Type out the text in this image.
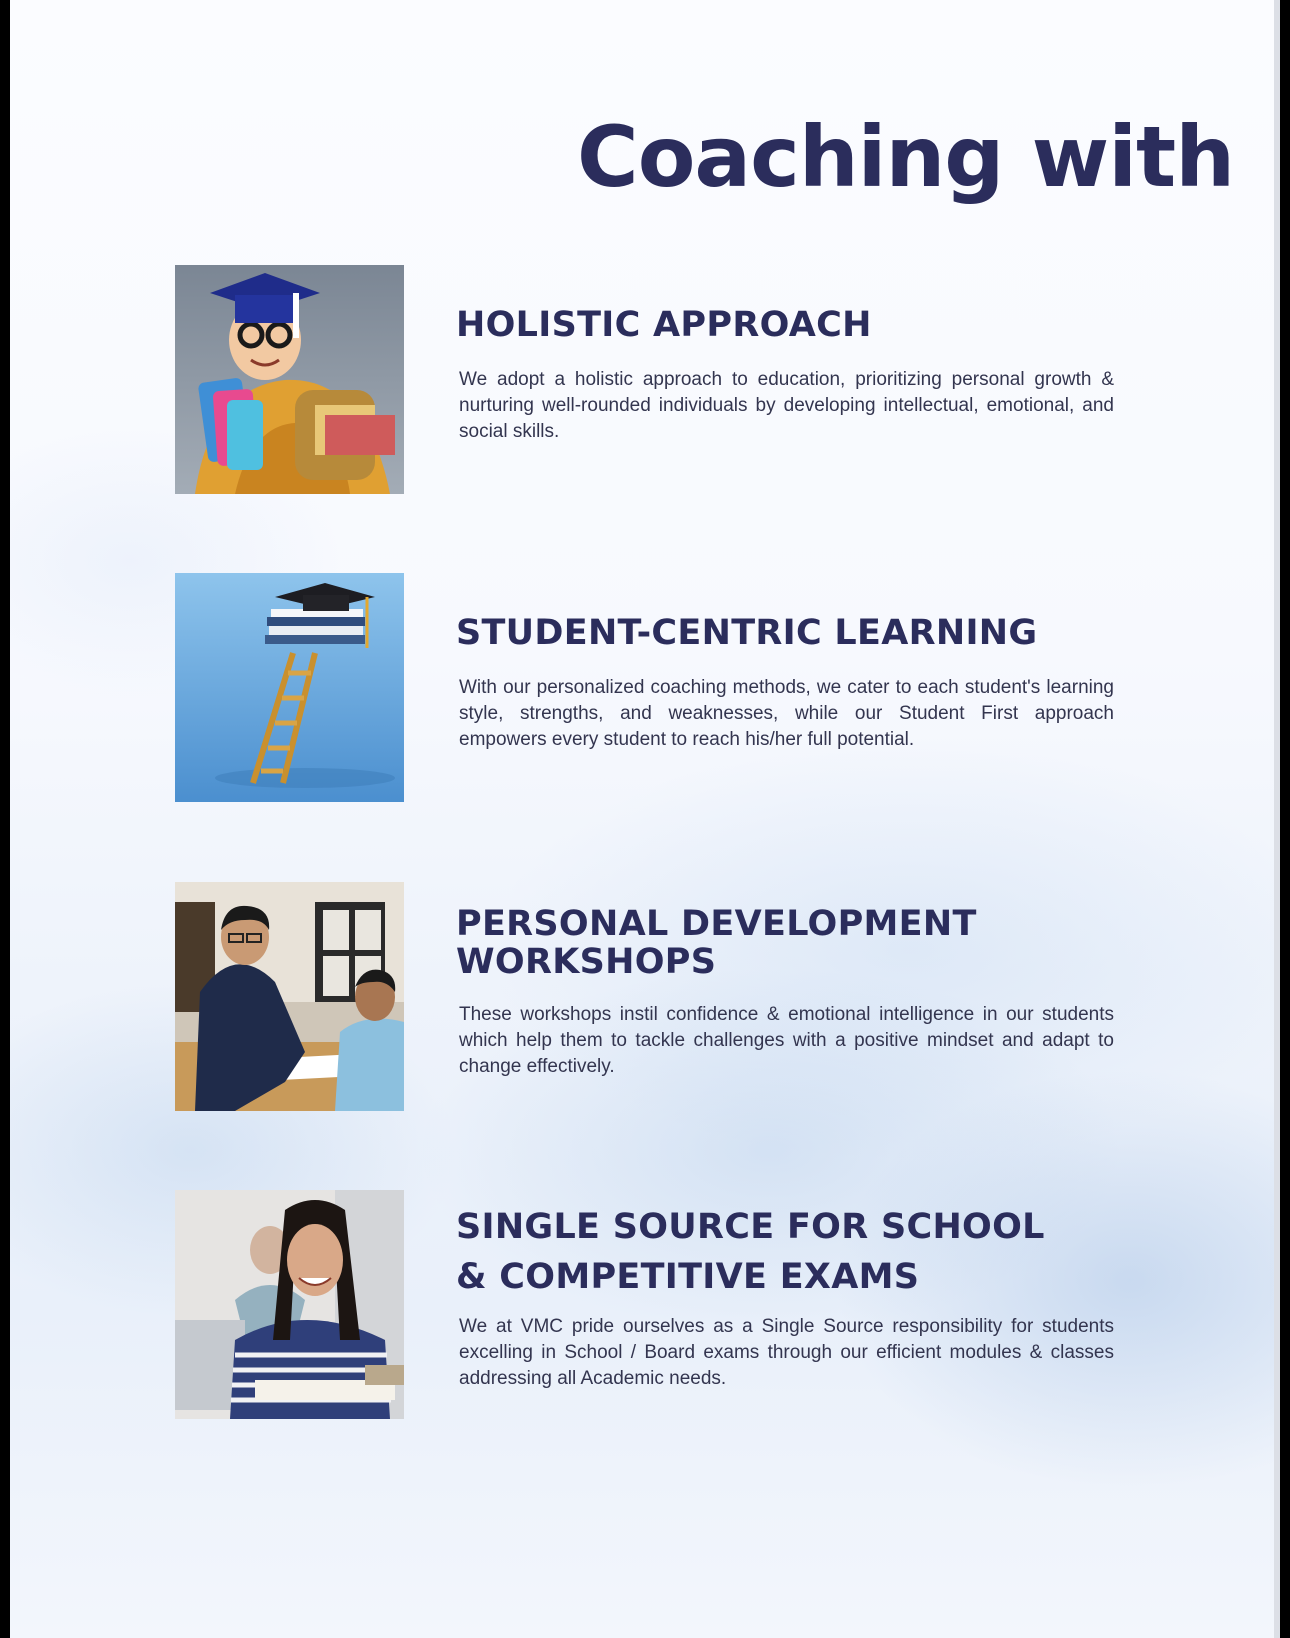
Coaching with
HOLISTIC APPROACH

We adopt a holistic approach to education, prioritizing personal growth & nurturing well-rounded individuals by developing intellectual, emotional, and social skills.

STUDENT-CENTRIC LEARNING

With our personalized coaching methods, we cater to each student's learning style, strengths, and weaknesses, while our Student First approach empowers every student to reach his/her full potential.

PERSONAL DEVELOPMENT
WORKSHOPS

These workshops instil confidence & emotional intelligence in our students which help them to tackle challenges with a positive mindset and adapt to change effectively.

SINGLE SOURCE FOR SCHOOL
& COMPETITIVE EXAMS

We at VMC pride ourselves as a Single Source responsibility for students excelling in School / Board exams through our efficient modules & classes addressing all Academic needs.
